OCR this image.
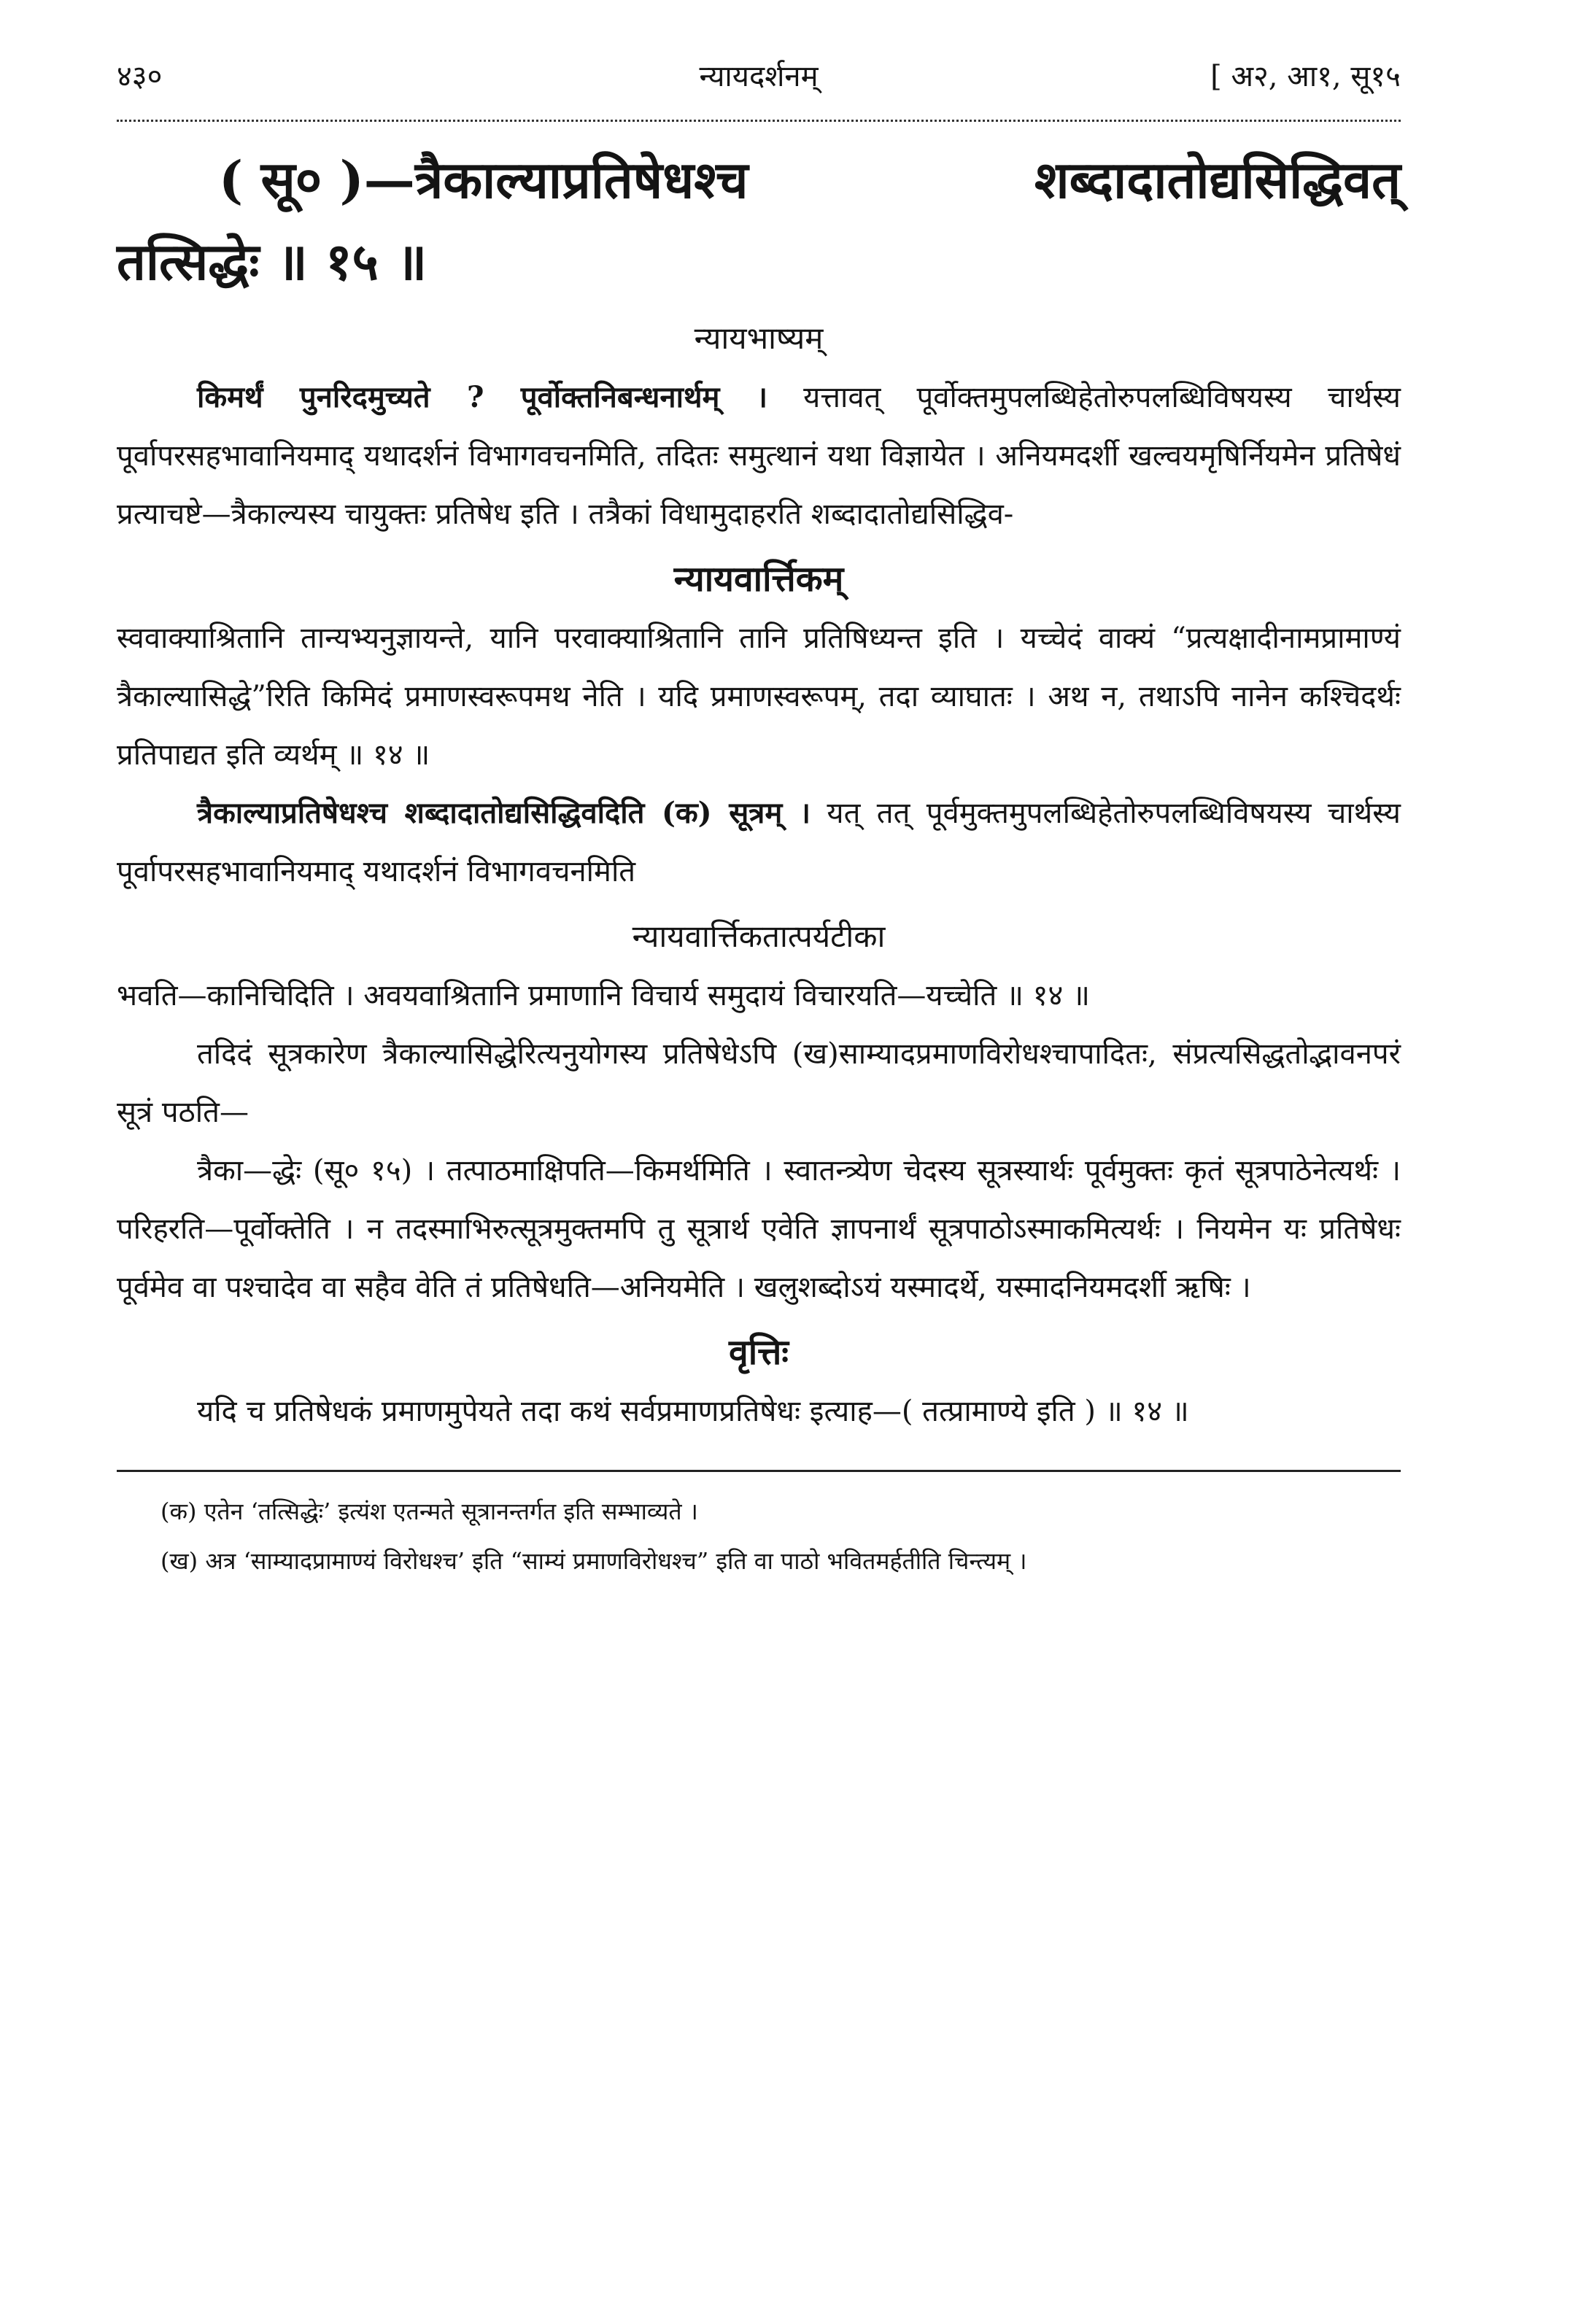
४३०	न्यायदर्शनम्	[ अ२, आ१, सू१५
( सू० )—त्रैकाल्याप्रतिषेधश्च	शब्दादातोद्यसिद्धिवत्
तत्सिद्धेः ॥ १५ ॥
न्यायभाष्यम्
किमर्थं पुनरिदमुच्यते ? पूर्वोक्तनिबन्धनार्थम् । यत्तावत् पूर्वोक्तमुपलब्धिहेतोरुपलब्धिविषयस्य चार्थस्य पूर्वापरसहभावानियमाद् यथादर्शनं विभागवचनमिति, तदितः समुत्थानं यथा विज्ञायेत । अनियमदर्शी खल्वयमृषिर्नियमेन प्रतिषेधं प्रत्याचष्टे—त्रैकाल्यस्य चायुक्तः प्रतिषेध इति । तत्रैकां विधामुदाहरति शब्दादातोद्यसिद्धिव-
न्यायवार्त्तिकम्
स्ववाक्याश्रितानि तान्यभ्यनुज्ञायन्ते, यानि परवाक्याश्रितानि तानि प्रतिषिध्यन्त इति । यच्चेदं वाक्यं “प्रत्यक्षादीनामप्रामाण्यं त्रैकाल्यासिद्धे”रिति किमिदं प्रमाणस्वरूपमथ नेति । यदि प्रमाणस्वरूपम्, तदा व्याघातः । अथ न, तथाऽपि नानेन कश्चिदर्थः प्रतिपाद्यत इति व्यर्थम् ॥ १४ ॥
त्रैकाल्याप्रतिषेधश्च शब्दादातोद्यसिद्धिवदिति (क) सूत्रम् । यत् तत् पूर्वमुक्तमुपलब्धिहेतोरुपलब्धिविषयस्य चार्थस्य पूर्वापरसहभावानियमाद् यथादर्शनं विभागवचनमिति
न्यायवार्त्तिकतात्पर्यटीका
भवति—कानिचिदिति । अवयवाश्रितानि प्रमाणानि विचार्य समुदायं विचारयति—यच्चेति ॥ १४ ॥
तदिदं सूत्रकारेण त्रैकाल्यासिद्धेरित्यनुयोगस्य प्रतिषेधेऽपि (ख)साम्यादप्रमाणविरोधश्चापादितः, संप्रत्यसिद्धतोद्भावनपरं सूत्रं पठति—
त्रैका—द्धेः (सू० १५) । तत्पाठमाक्षिपति—किमर्थमिति । स्वातन्त्र्येण चेदस्य सूत्रस्यार्थः पूर्वमुक्तः कृतं सूत्रपाठेनेत्यर्थः । परिहरति—पूर्वोक्तेति । न तदस्माभिरुत्सूत्रमुक्तमपि तु सूत्रार्थ एवेति ज्ञापनार्थं सूत्रपाठोऽस्माकमित्यर्थः । नियमेन यः प्रतिषेधः पूर्वमेव वा पश्चादेव वा सहैव वेति तं प्रतिषेधति—अनियमेति । खलुशब्दोऽयं यस्मादर्थे, यस्मादनियमदर्शी ऋषिः ।
वृत्तिः
यदि च प्रतिषेधकं प्रमाणमुपेयते तदा कथं सर्वप्रमाणप्रतिषेधः इत्याह—( तत्प्रामाण्ये इति ) ॥ १४ ॥
(क) एतेन ‘तत्सिद्धेः’ इत्यंश एतन्मते सूत्रानन्तर्गत इति सम्भाव्यते ।
(ख) अत्र ‘साम्यादप्रामाण्यं विरोधश्च’ इति “साम्यं प्रमाणविरोधश्च” इति वा पाठो भवितमर्हतीति चिन्त्यम् ।
